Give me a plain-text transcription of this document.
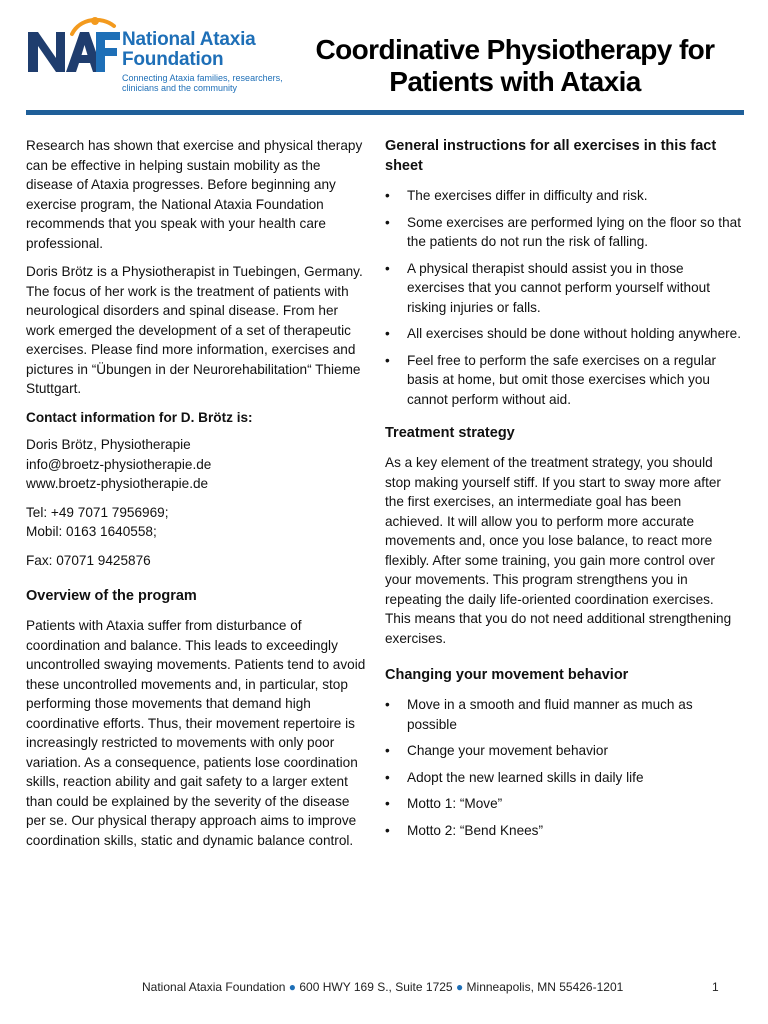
National Ataxia
Foundation
Connecting Ataxia families, researchers,
clinicians and the community
Coordinative Physiotherapy for
Patients with Ataxia

Research has shown that exercise and physical therapy can be effective in helping sustain mobility as the disease of Ataxia progresses. Before beginning any exercise program, the National Ataxia Foundation recommends that you speak with your health care professional.

Doris Brötz is a Physiotherapist in Tuebingen, Germany. The focus of her work is the treatment of patients with neurological disorders and spinal disease. From her work emerged the development of a set of therapeutic exercises. Please find more information, exercises and pictures in “Übungen in der Neurorehabilitation“ Thieme Stuttgart.

Contact information for D. Brötz is:

Doris Brötz, Physiotherapie

info@broetz-physiotherapie.de

www.broetz-physiotherapie.de

Tel: +49 7071 7956969;

Mobil: 0163 1640558;

Fax: 07071 9425876

Overview of the program

Patients with Ataxia suffer from disturbance of coordination and balance. This leads to exceedingly uncontrolled swaying movements. Patients tend to avoid these uncontrolled movements and, in particular, stop performing those movements that demand high coordinative efforts. Thus, their movement repertoire is increasingly restricted to movements with only poor variation. As a consequence, patients lose coordination skills, reaction ability and gait safety to a larger extent than could be explained by the severity of the disease per se. Our physical therapy approach aims to improve coordination skills, static and dynamic balance control.

General instructions for all exercises in this fact sheet
• The exercises differ in difficulty and risk.
• Some exercises are performed lying on the floor so that the patients do not run the risk of falling.
• A physical therapist should assist you in those exercises that you cannot perform yourself without risking injuries or falls.
• All exercises should be done without holding anywhere.
• Feel free to perform the safe exercises on a regular basis at home, but omit those exercises which you cannot perform without aid.
Treatment strategy

As a key element of the treatment strategy, you should stop making yourself stiff. If you start to sway more after the first exercises, an intermediate goal has been achieved. It will allow you to perform more accurate movements and, once you lose balance, to react more flexibly. After some training, you gain more control over your movements. This program strengthens you in repeating the daily life-oriented coordination exercises. This means that you do not need additional strengthening exercises.

Changing your movement behavior
• Move in a smooth and fluid manner as much as possible
• Change your movement behavior
• Adopt the new learned skills in daily life
• Motto 1: “Move”
• Motto 2: “Bend Knees”
National Ataxia Foundation ● 600 HWY 169 S., Suite 1725 ● Minneapolis, MN 55426-1201	1
